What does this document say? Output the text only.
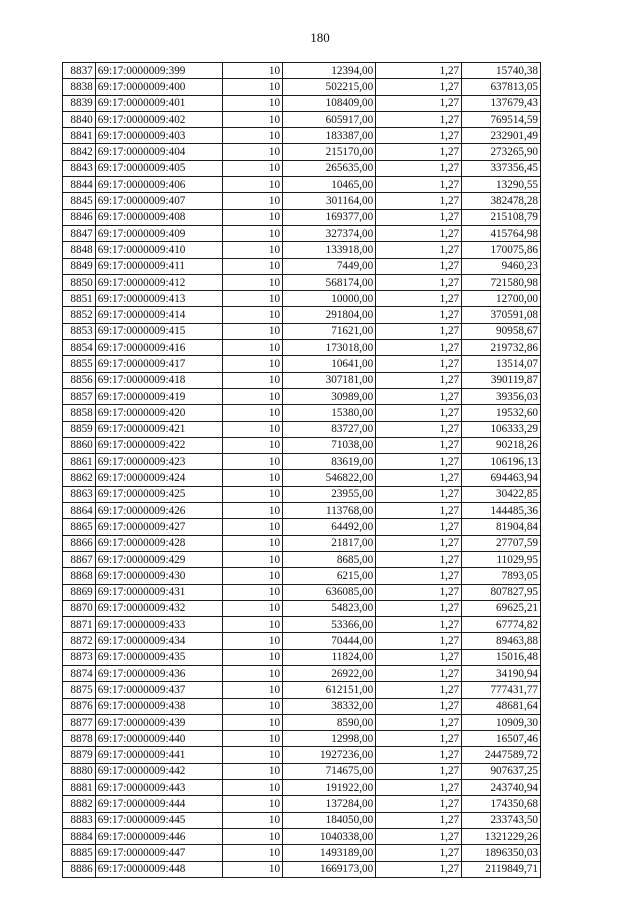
180
8837	69:17:0000009:399	10	12394,00	1,27	15740,38
8838	69:17:0000009:400	10	502215,00	1,27	637813,05
8839	69:17:0000009:401	10	108409,00	1,27	137679,43
8840	69:17:0000009:402	10	605917,00	1,27	769514,59
8841	69:17:0000009:403	10	183387,00	1,27	232901,49
8842	69:17:0000009:404	10	215170,00	1,27	273265,90
8843	69:17:0000009:405	10	265635,00	1,27	337356,45
8844	69:17:0000009:406	10	10465,00	1,27	13290,55
8845	69:17:0000009:407	10	301164,00	1,27	382478,28
8846	69:17:0000009:408	10	169377,00	1,27	215108,79
8847	69:17:0000009:409	10	327374,00	1,27	415764,98
8848	69:17:0000009:410	10	133918,00	1,27	170075,86
8849	69:17:0000009:411	10	7449,00	1,27	9460,23
8850	69:17:0000009:412	10	568174,00	1,27	721580,98
8851	69:17:0000009:413	10	10000,00	1,27	12700,00
8852	69:17:0000009:414	10	291804,00	1,27	370591,08
8853	69:17:0000009:415	10	71621,00	1,27	90958,67
8854	69:17:0000009:416	10	173018,00	1,27	219732,86
8855	69:17:0000009:417	10	10641,00	1,27	13514,07
8856	69:17:0000009:418	10	307181,00	1,27	390119,87
8857	69:17:0000009:419	10	30989,00	1,27	39356,03
8858	69:17:0000009:420	10	15380,00	1,27	19532,60
8859	69:17:0000009:421	10	83727,00	1,27	106333,29
8860	69:17:0000009:422	10	71038,00	1,27	90218,26
8861	69:17:0000009:423	10	83619,00	1,27	106196,13
8862	69:17:0000009:424	10	546822,00	1,27	694463,94
8863	69:17:0000009:425	10	23955,00	1,27	30422,85
8864	69:17:0000009:426	10	113768,00	1,27	144485,36
8865	69:17:0000009:427	10	64492,00	1,27	81904,84
8866	69:17:0000009:428	10	21817,00	1,27	27707,59
8867	69:17:0000009:429	10	8685,00	1,27	11029,95
8868	69:17:0000009:430	10	6215,00	1,27	7893,05
8869	69:17:0000009:431	10	636085,00	1,27	807827,95
8870	69:17:0000009:432	10	54823,00	1,27	69625,21
8871	69:17:0000009:433	10	53366,00	1,27	67774,82
8872	69:17:0000009:434	10	70444,00	1,27	89463,88
8873	69:17:0000009:435	10	11824,00	1,27	15016,48
8874	69:17:0000009:436	10	26922,00	1,27	34190,94
8875	69:17:0000009:437	10	612151,00	1,27	777431,77
8876	69:17:0000009:438	10	38332,00	1,27	48681,64
8877	69:17:0000009:439	10	8590,00	1,27	10909,30
8878	69:17:0000009:440	10	12998,00	1,27	16507,46
8879	69:17:0000009:441	10	1927236,00	1,27	2447589,72
8880	69:17:0000009:442	10	714675,00	1,27	907637,25
8881	69:17:0000009:443	10	191922,00	1,27	243740,94
8882	69:17:0000009:444	10	137284,00	1,27	174350,68
8883	69:17:0000009:445	10	184050,00	1,27	233743,50
8884	69:17:0000009:446	10	1040338,00	1,27	1321229,26
8885	69:17:0000009:447	10	1493189,00	1,27	1896350,03
8886	69:17:0000009:448	10	1669173,00	1,27	2119849,71
